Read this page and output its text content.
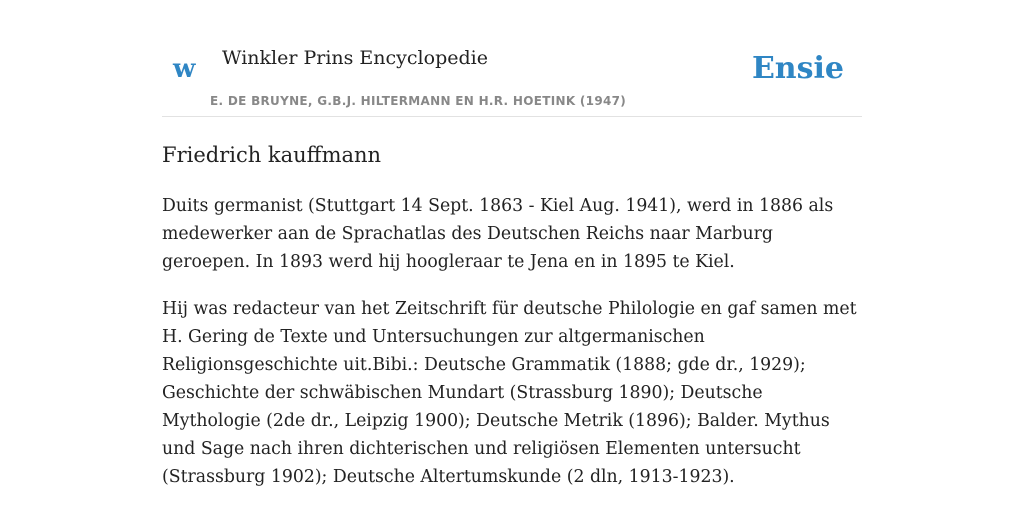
w Winkler Prins Encyclopedie
E. DE BRUYNE, G.B.J. HILTERMANN EN H.R. HOETINK (1947)
Ensie
Friedrich kauffmann

Duits germanist (Stuttgart 14 Sept. 1863 - Kiel Aug. 1941), werd in 1886 als medewerker aan de Sprachatlas des Deutschen Reichs naar Marburg geroepen. In 1893 werd hij hoogleraar te Jena en in 1895 te Kiel.

Hij was redacteur van het Zeitschrift für deutsche Philologie en gaf samen met H. Gering de Texte und Untersuchungen zur altgermanischen Religionsgeschichte uit.Bibi.: Deutsche Grammatik (1888; gde dr., 1929); Geschichte der schwäbischen Mundart (Strassburg 1890); Deutsche Mythologie (2de dr., Leipzig 1900); Deutsche Metrik (1896); Balder. Mythus und Sage nach ihren dichterischen und religiösen Elementen untersucht (Strassburg 1902); Deutsche Altertumskunde (2 dln, 1913-1923).
